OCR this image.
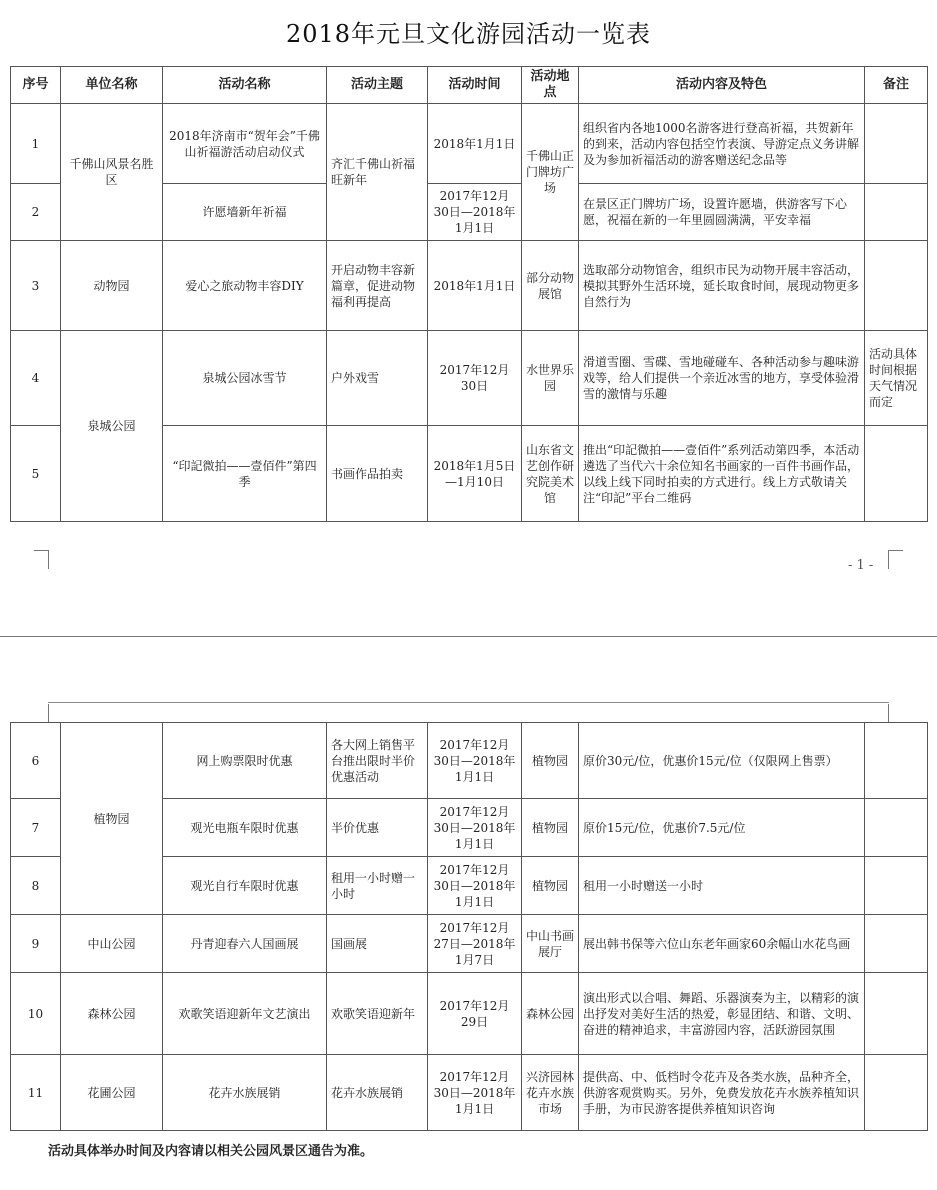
2018年元旦文化游园活动一览表
序号	单位名称	活动名称	活动主题	活动时间	活动地点	活动内容及特色	备注
1	千佛山风景名胜区	2018年济南市“贺年会”千佛山祈福游活动启动仪式	齐汇千佛山祈福旺新年	2018年1月1日	千佛山正门牌坊广场	组织省内各地1000名游客进行登高祈福，共贺新年的到来，活动内容包括空竹表演、导游定点义务讲解及为参加祈福活动的游客赠送纪念品等	
2		许愿墙新年祈福		2017年12月30日—2018年1月1日		在景区正门牌坊广场，设置许愿墙，供游客写下心愿，祝福在新的一年里圆圆满满，平安幸福	
3	动物园	爱心之旅动物丰容DIY	开启动物丰容新篇章，促进动物福利再提高	2018年1月1日	部分动物展馆	选取部分动物馆舍，组织市民为动物开展丰容活动，模拟其野外生活环境，延长取食时间，展现动物更多自然行为	
4	泉城公园	泉城公园冰雪节	户外戏雪	2017年12月30日	水世界乐园	滑道雪圈、雪碟、雪地碰碰车、各种活动参与趣味游戏等，给人们提供一个亲近冰雪的地方，享受体验滑雪的激情与乐趣	活动具体时间根据天气情况而定
5		“印記微拍——壹佰件”第四季	书画作品拍卖	2018年1月5日—1月10日	山东省文艺创作研究院美术馆	推出“印記微拍——壹佰件”系列活动第四季，本活动遴选了当代六十余位知名书画家的一百件书画作品，以线上线下同时拍卖的方式进行。线上方式敬请关注“印記”平台二维码	
- 1 -
6	植物园	网上购票限时优惠	各大网上销售平台推出限时半价优惠活动	2017年12月30日—2018年1月1日	植物园	原价30元/位，优惠价15元/位（仅限网上售票）	
7		观光电瓶车限时优惠	半价优惠	2017年12月30日—2018年1月1日	植物园	原价15元/位，优惠价7.5元/位	
8		观光自行车限时优惠	租用一小时赠一小时	2017年12月30日—2018年1月1日	植物园	租用一小时赠送一小时	
9	中山公园	丹青迎春六人国画展	国画展	2017年12月27日—2018年1月7日	中山书画展厅	展出韩书保等六位山东老年画家60余幅山水花鸟画	
10	森林公园	欢歌笑语迎新年文艺演出	欢歌笑语迎新年	2017年12月29日	森林公园	演出形式以合唱、舞蹈、乐器演奏为主，以精彩的演出抒发对美好生活的热爱，彰显团结、和谐、文明、奋进的精神追求，丰富游园内容，活跃游园氛围	
11	花圃公园	花卉水族展销	花卉水族展销	2017年12月30日—2018年1月1日	兴济园林花卉水族市场	提供高、中、低档时令花卉及各类水族，品种齐全，供游客观赏购买。另外，免费发放花卉水族养植知识手册，为市民游客提供养植知识咨询	
活动具体举办时间及内容请以相关公园风景区通告为准。
